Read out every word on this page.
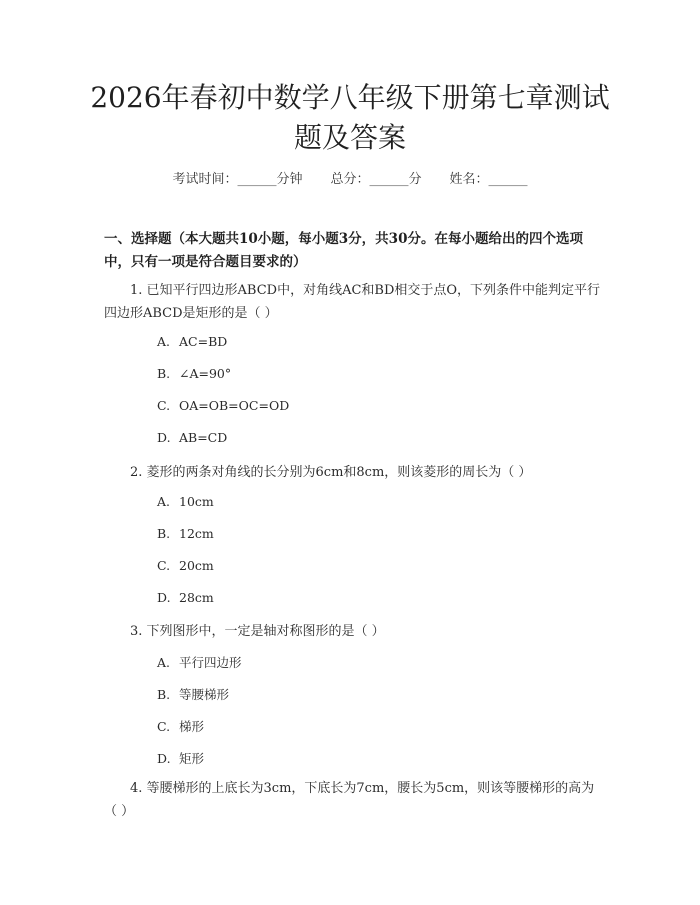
2026年春初中数学八年级下册第七章测试题及答案
考试时间：______分钟 总分：______分 姓名：______
一、选择题（本大题共10小题，每小题3分，共30分。在每小题给出的四个选项中，只有一项是符合题目要求的）
1. 已知平行四边形ABCD中，对角线AC和BD相交于点O，下列条件中能判定平行四边形ABCD是矩形的是（ ）
A. AC=BD
B. ∠A=90°
C. OA=OB=OC=OD
D. AB=CD
2. 菱形的两条对角线的长分别为6cm和8cm，则该菱形的周长为（ ）
A. 10cm
B. 12cm
C. 20cm
D. 28cm
3. 下列图形中，一定是轴对称图形的是（ ）
A. 平行四边形
B. 等腰梯形
C. 梯形
D. 矩形
4. 等腰梯形的上底长为3cm，下底长为7cm，腰长为5cm，则该等腰梯形的高为（ ）
